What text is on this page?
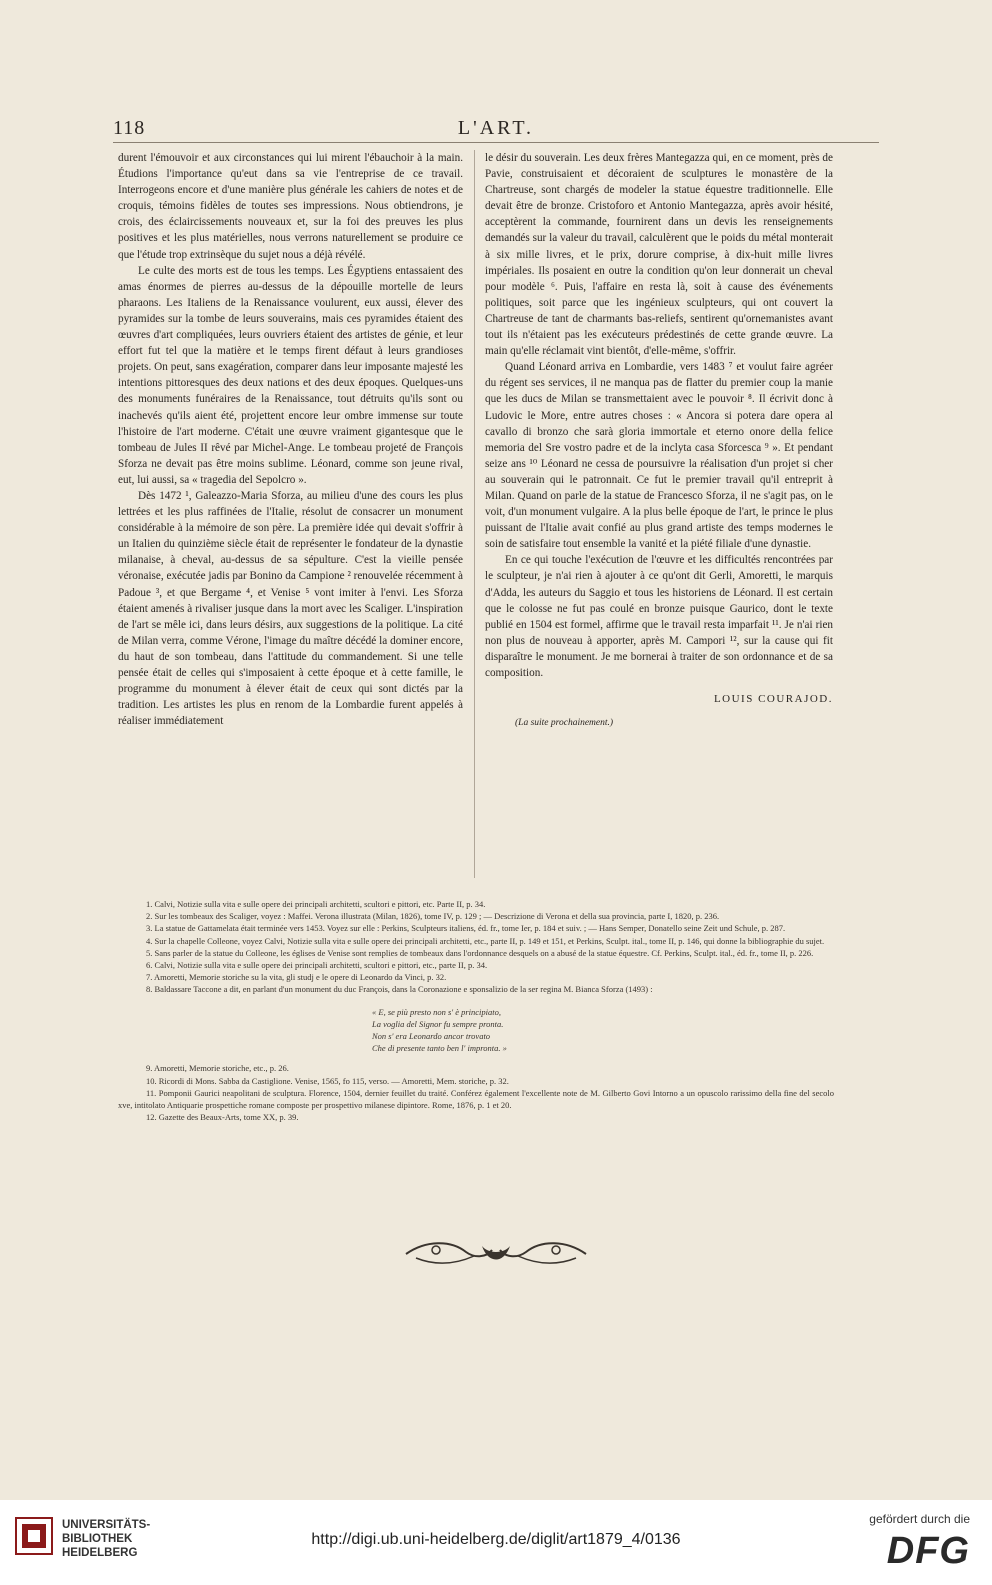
118	L'ART.

durent l'émouvoir et aux circonstances qui lui mirent l'ébauchoir à la main. Étudions l'importance qu'eut dans sa vie l'entreprise de ce travail. Interrogeons encore et d'une manière plus générale les cahiers de notes et de croquis, témoins fidèles de toutes ses impressions. Nous obtiendrons, je crois, des éclaircissements nouveaux et, sur la foi des preuves les plus positives et les plus matérielles, nous verrons naturellement se produire ce que l'étude trop extrinsèque du sujet nous a déjà révélé.

Le culte des morts est de tous les temps. Les Égyptiens entassaient des amas énormes de pierres au-dessus de la dépouille mortelle de leurs pharaons. Les Italiens de la Renaissance voulurent, eux aussi, élever des pyramides sur la tombe de leurs souverains, mais ces pyramides étaient des œuvres d'art compliquées, leurs ouvriers étaient des artistes de génie, et leur effort fut tel que la matière et le temps firent défaut à leurs grandioses projets. On peut, sans exagération, comparer dans leur imposante majesté les intentions pittoresques des deux nations et des deux époques. Quelques-uns des monuments funéraires de la Renaissance, tout détruits qu'ils sont ou inachevés qu'ils aient été, projettent encore leur ombre immense sur toute l'histoire de l'art moderne. C'était une œuvre vraiment gigantesque que le tombeau de Jules II rêvé par Michel-Ange. Le tombeau projeté de François Sforza ne devait pas être moins sublime. Léonard, comme son jeune rival, eut, lui aussi, sa « tragedia del Sepolcro ».

Dès 1472 ¹, Galeazzo-Maria Sforza, au milieu d'une des cours les plus lettrées et les plus raffinées de l'Italie, résolut de consacrer un monument considérable à la mémoire de son père. La première idée qui devait s'offrir à un Italien du quinzième siècle était de représenter le fondateur de la dynastie milanaise, à cheval, au-dessus de sa sépulture. C'est la vieille pensée véronaise, exécutée jadis par Bonino da Campione ² renouvelée récemment à Padoue ³, et que Bergame ⁴, et Venise ⁵ vont imiter à l'envi. Les Sforza étaient amenés à rivaliser jusque dans la mort avec les Scaliger. L'inspiration de l'art se mêle ici, dans leurs désirs, aux suggestions de la politique. La cité de Milan verra, comme Vérone, l'image du maître décédé la dominer encore, du haut de son tombeau, dans l'attitude du commandement. Si une telle pensée était de celles qui s'imposaient à cette époque et à cette famille, le programme du monument à élever était de ceux qui sont dictés par la tradition. Les artistes les plus en renom de la Lombardie furent appelés à réaliser immédiatement

le désir du souverain. Les deux frères Mantegazza qui, en ce moment, près de Pavie, construisaient et décoraient de sculptures le monastère de la Chartreuse, sont chargés de modeler la statue équestre traditionnelle. Elle devait être de bronze. Cristoforo et Antonio Mantegazza, après avoir hésité, acceptèrent la commande, fournirent dans un devis les renseignements demandés sur la valeur du travail, calculèrent que le poids du métal monterait à six mille livres, et le prix, dorure comprise, à dix-huit mille livres impériales. Ils posaient en outre la condition qu'on leur donnerait un cheval pour modèle ⁶. Puis, l'affaire en resta là, soit à cause des événements politiques, soit parce que les ingénieux sculpteurs, qui ont couvert la Chartreuse de tant de charmants bas-reliefs, sentirent qu'ornemanistes avant tout ils n'étaient pas les exécuteurs prédestinés de cette grande œuvre. La main qu'elle réclamait vint bientôt, d'elle-même, s'offrir.

Quand Léonard arriva en Lombardie, vers 1483 ⁷ et voulut faire agréer du régent ses services, il ne manqua pas de flatter du premier coup la manie que les ducs de Milan se transmettaient avec le pouvoir ⁸. Il écrivit donc à Ludovic le More, entre autres choses : « Ancora si potera dare opera al cavallo di bronzo che sarà gloria immortale et eterno onore della felice memoria del Sre vostro padre et de la inclyta casa Sforcesca ⁹ ». Et pendant seize ans ¹⁰ Léonard ne cessa de poursuivre la réalisation d'un projet si cher au souverain qui le patronnait. Ce fut le premier travail qu'il entreprit à Milan. Quand on parle de la statue de Francesco Sforza, il ne s'agit pas, on le voit, d'un monument vulgaire. A la plus belle époque de l'art, le prince le plus puissant de l'Italie avait confié au plus grand artiste des temps modernes le soin de satisfaire tout ensemble la vanité et la piété filiale d'une dynastie.

En ce qui touche l'exécution de l'œuvre et les difficultés rencontrées par le sculpteur, je n'ai rien à ajouter à ce qu'ont dit Gerli, Amoretti, le marquis d'Adda, les auteurs du Saggio et tous les historiens de Léonard. Il est certain que le colosse ne fut pas coulé en bronze puisque Gaurico, dont le texte publié en 1504 est formel, affirme que le travail resta imparfait ¹¹. Je n'ai rien non plus de nouveau à apporter, après M. Campori ¹², sur la cause qui fit disparaître le monument. Je me bornerai à traiter de son ordonnance et de sa composition.

LOUIS COURAJOD.
(La suite prochainement.)

1. Calvi, Notizie sulla vita e sulle opere dei principali architetti, scultori e pittori, etc. Parte II, p. 34.

2. Sur les tombeaux des Scaliger, voyez : Maffei. Verona illustrata (Milan, 1826), tome IV, p. 129 ; — Descrizione di Verona et della sua provincia, parte I, 1820, p. 236.

3. La statue de Gattamelata était terminée vers 1453. Voyez sur elle : Perkins, Sculpteurs italiens, éd. fr., tome Ier, p. 184 et suiv. ; — Hans Semper, Donatello seine Zeit und Schule, p. 287.

4. Sur la chapelle Colleone, voyez Calvi, Notizie sulla vita e sulle opere dei principali architetti, etc., parte II, p. 149 et 151, et Perkins, Sculpt. ital., tome II, p. 146, qui donne la bibliographie du sujet.

5. Sans parler de la statue du Colleone, les églises de Venise sont remplies de tombeaux dans l'ordonnance desquels on a abusé de la statue équestre. Cf. Perkins, Sculpt. ital., éd. fr., tome II, p. 226.

6. Calvi, Notizie sulla vita e sulle opere dei principali architetti, scultori e pittori, etc., parte II, p. 34.

7. Amoretti, Memorie storiche su la vita, gli studj e le opere di Leonardo da Vinci, p. 32.

8. Baldassare Taccone a dit, en parlant d'un monument du duc François, dans la Coronazione e sponsalizio de la ser regina M. Bianca Sforza (1493) :

« E, se più presto non s' è principiato,
La voglia del Signor fu sempre pronta.
Non s' era Leonardo ancor trovato
Che di presente tanto ben l' impronta. »

9. Amoretti, Memorie storiche, etc., p. 26.

10. Ricordi di Mons. Sabba da Castiglione. Venise, 1565, fo 115, verso. — Amoretti, Mem. storiche, p. 32.

11. Pomponii Gaurici neapolitani de sculptura. Florence, 1504, dernier feuillet du traité. Conférez également l'excellente note de M. Gilberto Govi Intorno a un opuscolo rarissimo della fine del secolo xve, intitolato Antiquarie prospettiche romane composte per prospettivo milanese dipintore. Rome, 1876, p. 1 et 20.

12. Gazette des Beaux-Arts, tome XX, p. 39.

UNIVERSITÄTS-
BIBLIOTHEK
HEIDELBERG
http://digi.ub.uni-heidelberg.de/diglit/art1879_4/0136
gefördert durch die
DFG
